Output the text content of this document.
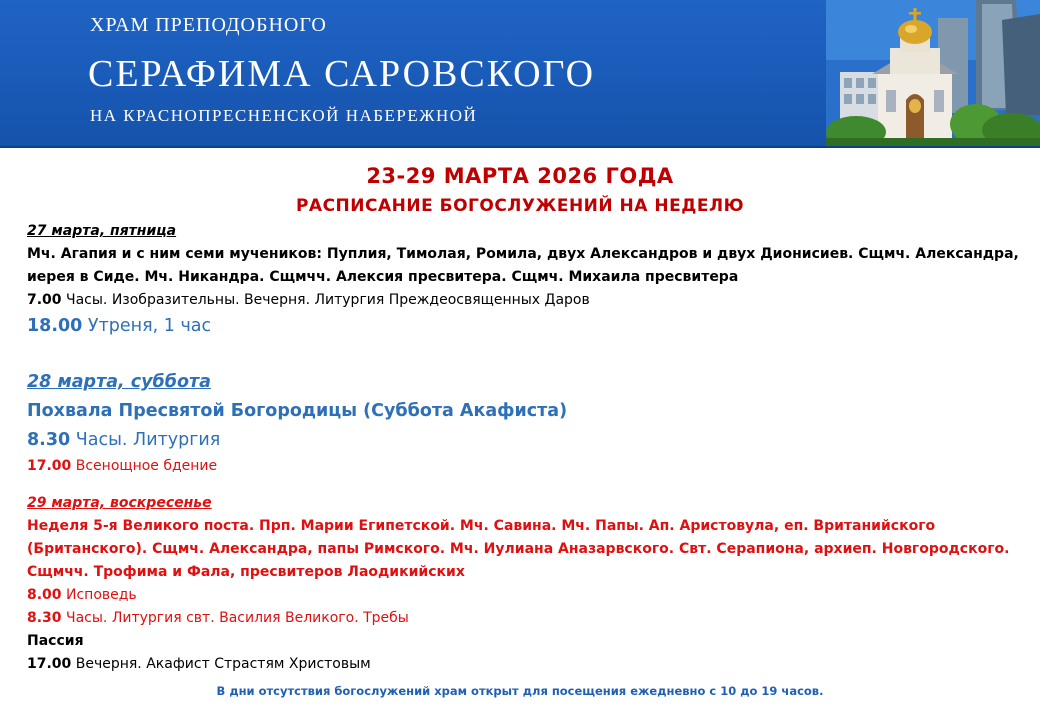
ХРАМ ПРЕПОДОБНОГО
СЕРАФИМА САРОВСКОГО
НА КРАСНОПРЕСНЕНСКОЙ НАБЕРЕЖНОЙ
23-29 МАРТА 2026 ГОДА
РАСПИСАНИЕ БОГОСЛУЖЕНИЙ НА НЕДЕЛЮ
27 марта, пятница
Мч. Агапия и с ним семи мучеников: Пуплия, Тимолая, Ромила, двух Александров и двух Дионисиев. Сщмч. Александра,
иерея в Сиде. Мч. Никандра. Сщмчч. Алексия пресвитера. Сщмч. Михаила пресвитера
7.00 Часы. Изобразительны. Вечерня. Литургия Преждеосвященных Даров
18.00 Утреня, 1 час
28 марта, суббота
Похвала Пресвятой Богородицы (Суббота Акафиста)
8.30 Часы. Литургия
17.00 Всенощное бдение
29 марта, воскресенье
Неделя 5-я Великого поста. Прп. Марии Египетской. Мч. Савина. Мч. Папы. Ап. Аристовула, еп. Вританийского
(Британского). Сщмч. Александра, папы Римского. Мч. Иулиана Аназарвского. Свт. Серапиона, архиеп. Новгородского.
Сщмчч. Трофима и Фала, пресвитеров Лаодикийских
8.00 Исповедь
8.30 Часы. Литургия свт. Василия Великого. Требы
Пассия
17.00 Вечерня. Акафист Страстям Христовым
В дни отсутствия богослужений храм открыт для посещения ежедневно с 10 до 19 часов.
